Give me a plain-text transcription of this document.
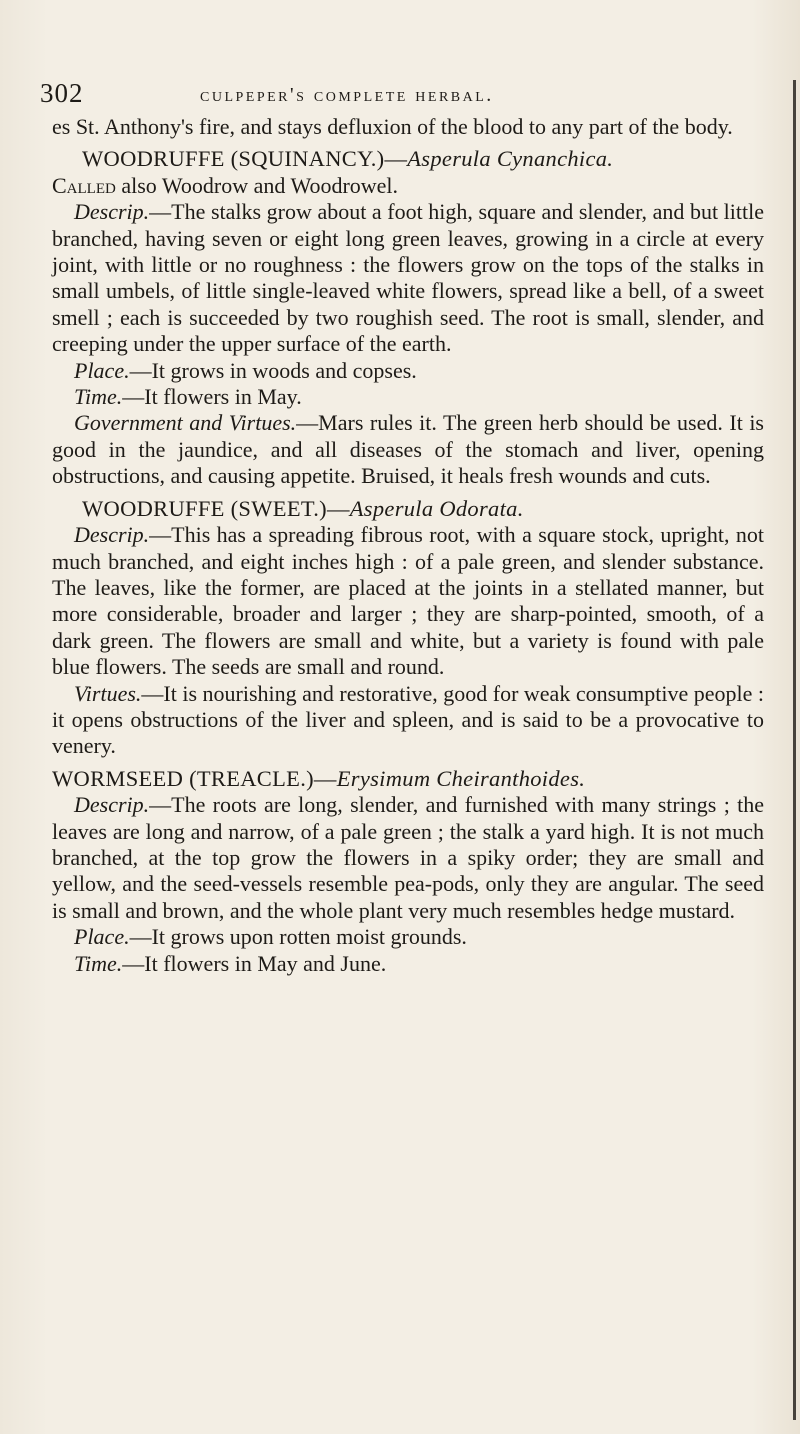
302	culpeper's complete herbal.

es St. Anthony's fire, and stays defluxion of the blood to any part of the body.

WOODRUFFE (SQUINANCY.)—Asperula Cynanchica.

Called also Woodrow and Woodrowel.

Descrip.—The stalks grow about a foot high, square and slender, and but little branched, having seven or eight long green leaves, growing in a circle at every joint, with little or no roughness : the flowers grow on the tops of the stalks in small umbels, of little single-leaved white flowers, spread like a bell, of a sweet smell ; each is succeeded by two roughish seed. The root is small, slender, and creeping under the upper surface of the earth.

Place.—It grows in woods and copses.

Time.—It flowers in May.

Government and Virtues.—Mars rules it. The green herb should be used. It is good in the jaundice, and all diseases of the stomach and liver, opening obstructions, and causing appetite. Bruised, it heals fresh wounds and cuts.

WOODRUFFE (SWEET.)—Asperula Odorata.

Descrip.—This has a spreading fibrous root, with a square stock, upright, not much branched, and eight inches high : of a pale green, and slender substance. The leaves, like the former, are placed at the joints in a stellated manner, but more considerable, broader and larger ; they are sharp-pointed, smooth, of a dark green. The flowers are small and white, but a variety is found with pale blue flowers. The seeds are small and round.

Virtues.—It is nourishing and restorative, good for weak consumptive people : it opens obstructions of the liver and spleen, and is said to be a provocative to venery.

WORMSEED (TREACLE.)—Erysimum Cheiranthoides.

Descrip.—The roots are long, slender, and furnished with many strings ; the leaves are long and narrow, of a pale green ; the stalk a yard high. It is not much branched, at the top grow the flowers in a spiky order; they are small and yellow, and the seed-vessels resemble pea-pods, only they are angular. The seed is small and brown, and the whole plant very much resembles hedge mustard.

Place.—It grows upon rotten moist grounds.

Time.—It flowers in May and June.
